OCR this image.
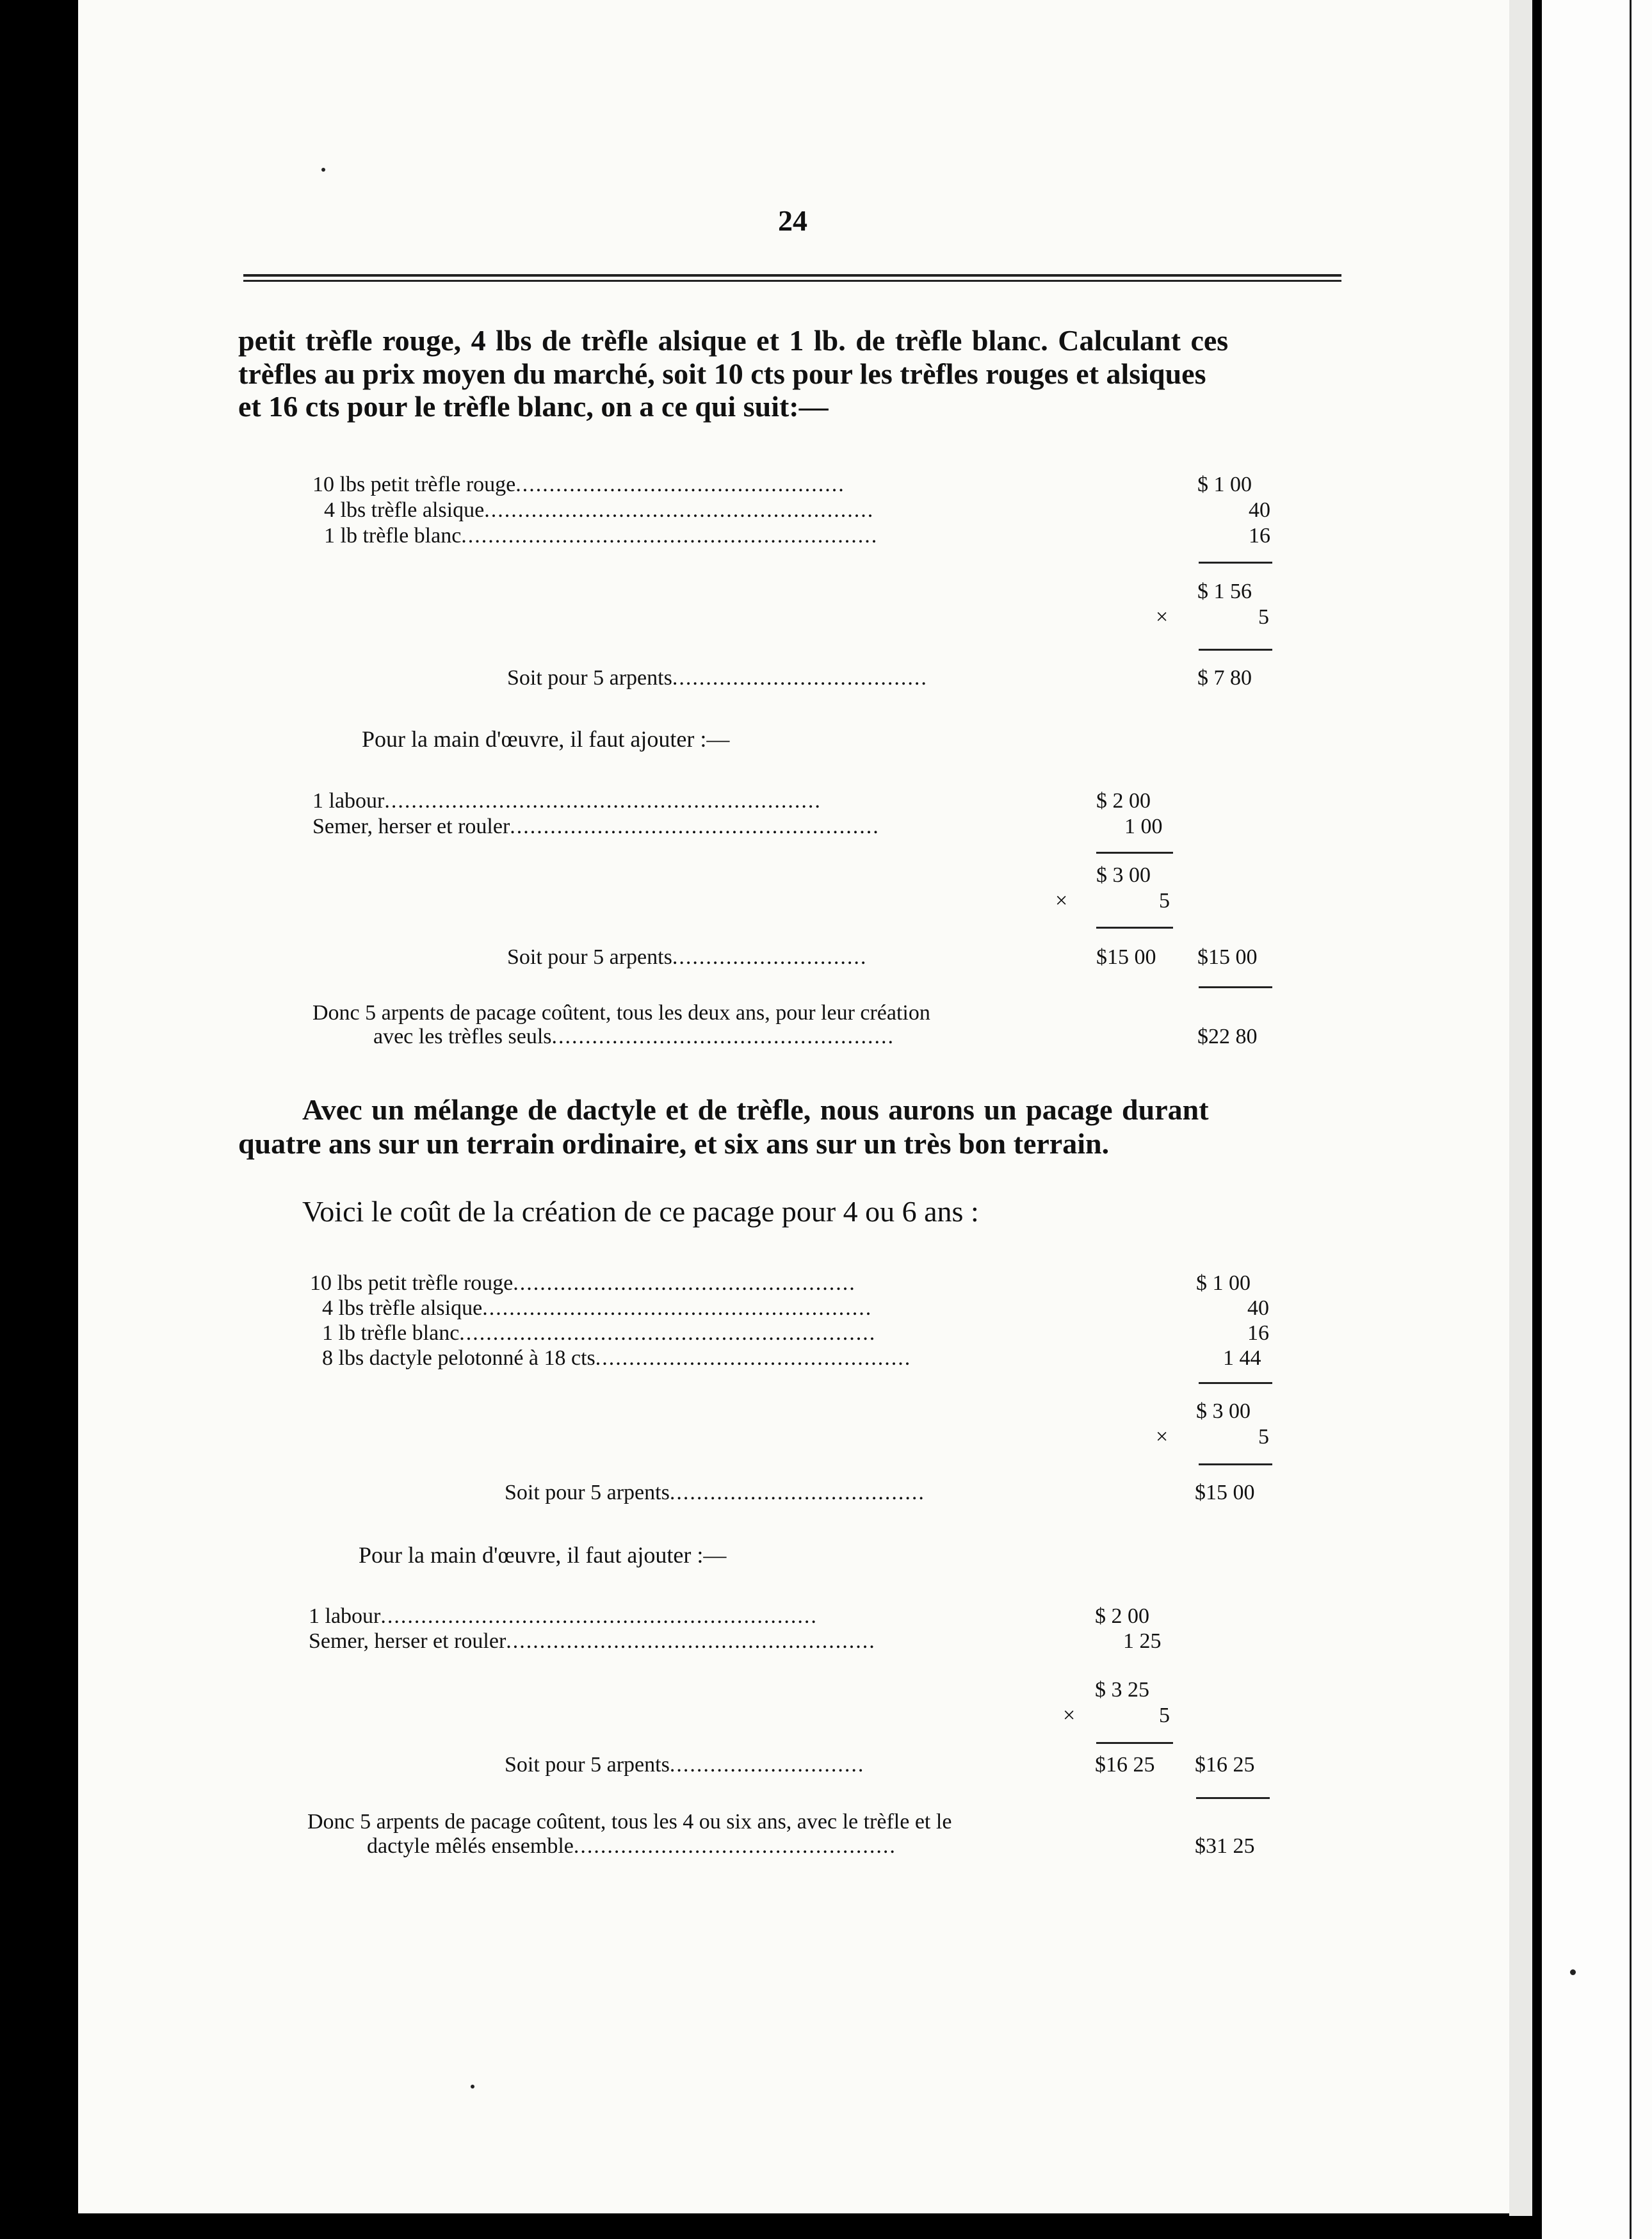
24
petit trèfle rouge, 4 lbs de trèfle alsique et 1 lb. de trèfle blanc. Calculant ces
trèfles au prix moyen du marché, soit 10 cts pour les trèfles rouges et alsiques
et 16 cts pour le trèfle blanc, on a ce qui suit:—
10 lbs petit trèfle rouge.................................................	$ 1 00
4 lbs trèfle alsique..........................................................	40
1 lb trèfle blanc..............................................................	16
$ 1 56
×	5
Soit pour 5 arpents......................................	$ 7 80
Pour la main d'œuvre, il faut ajouter :—
1 labour.................................................................	$ 2 00
Semer, herser et rouler.......................................................	1 00
$ 3 00
×	5
Soit pour 5 arpents.............................	$15 00 $15 00
Donc 5 arpents de pacage coûtent, tous les deux ans, pour leur création
avec les trèfles seuls...................................................	$22 80
Avec un mélange de dactyle et de trèfle, nous aurons un pacage durant
quatre ans sur un terrain ordinaire, et six ans sur un très bon terrain.
Voici le coût de la création de ce pacage pour 4 ou 6 ans :
10 lbs petit trèfle rouge...................................................	$ 1 00
4 lbs trèfle alsique..........................................................	40
1 lb trèfle blanc..............................................................	16
8 lbs dactyle pelotonné à 18 cts...............................................	1 44
$ 3 00
×	5
Soit pour 5 arpents......................................	$15 00
Pour la main d'œuvre, il faut ajouter :—
1 labour.................................................................	$ 2 00
Semer, herser et rouler.......................................................	1 25
$ 3 25
×	5
Soit pour 5 arpents.............................	$16 25 $16 25
Donc 5 arpents de pacage coûtent, tous les 4 ou six ans, avec le trèfle et le
dactyle mêlés ensemble................................................	$31 25
